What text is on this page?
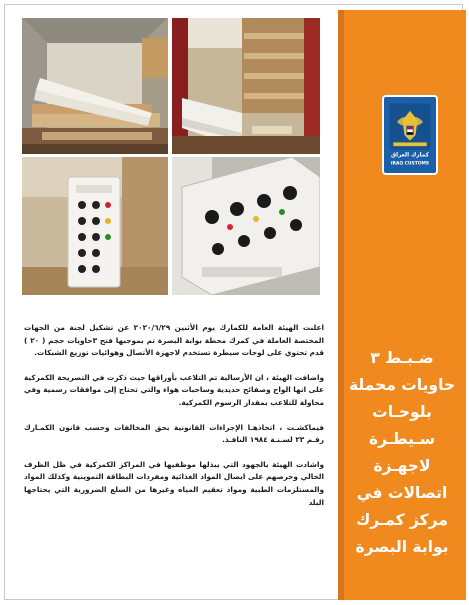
كمارك العراق
IRAQ CUSTOMS
ضـبـط ٣ حاويات محملة بلوحـات سـيطـرة لاجهـزة اتصالات في مركز كمـرك بوابة البصرة

اعلنت الهيئة العامة للكمارك يوم الأثنين ٢٠٢٠/٦/٢٩ عن تشكيل لجنة من الجهات المختصة العاملة في كمرك محطة بوابة البصرة تم بموجبها فتح ٣حاويات حجم ( ٢٠ ) قدم تحتوي على لوحات سيطرة تستخدم لاجهزة الأتصال وهوائيات توزيع الشبكات.

واضافت الهيئة ، ان الأرسالية تم التلاعب بأوراقها حيث ذكرت في التصريحة الكمركية على انها الواح وصفائح حديدية وساحبات هواء والتي تحتاج إلى موافقات رسمية وفي محاولة للتلاعب بمقدار الرسوم الكمركية.

فيماكشـت ، اتخاذهـا الإجراءات القانونية بحق المخالفات وحسب قانون الكمـارك رقـم ٢٣ لسـنـة ١٩٨٤ النافـذ.

واشادت الهيئة بالجهود التي يبذلها موظفيها في المراكز الكمركية في ظل الظرف الحالي وحرصهم على ايصال المواد الغذائية ومفردات البطاقة التموينية وكذلك المواد والمستلزمات الطبية ومواد تعقيم المياه وغيرها من السلع الضرورية التي يحتاجها البلد
